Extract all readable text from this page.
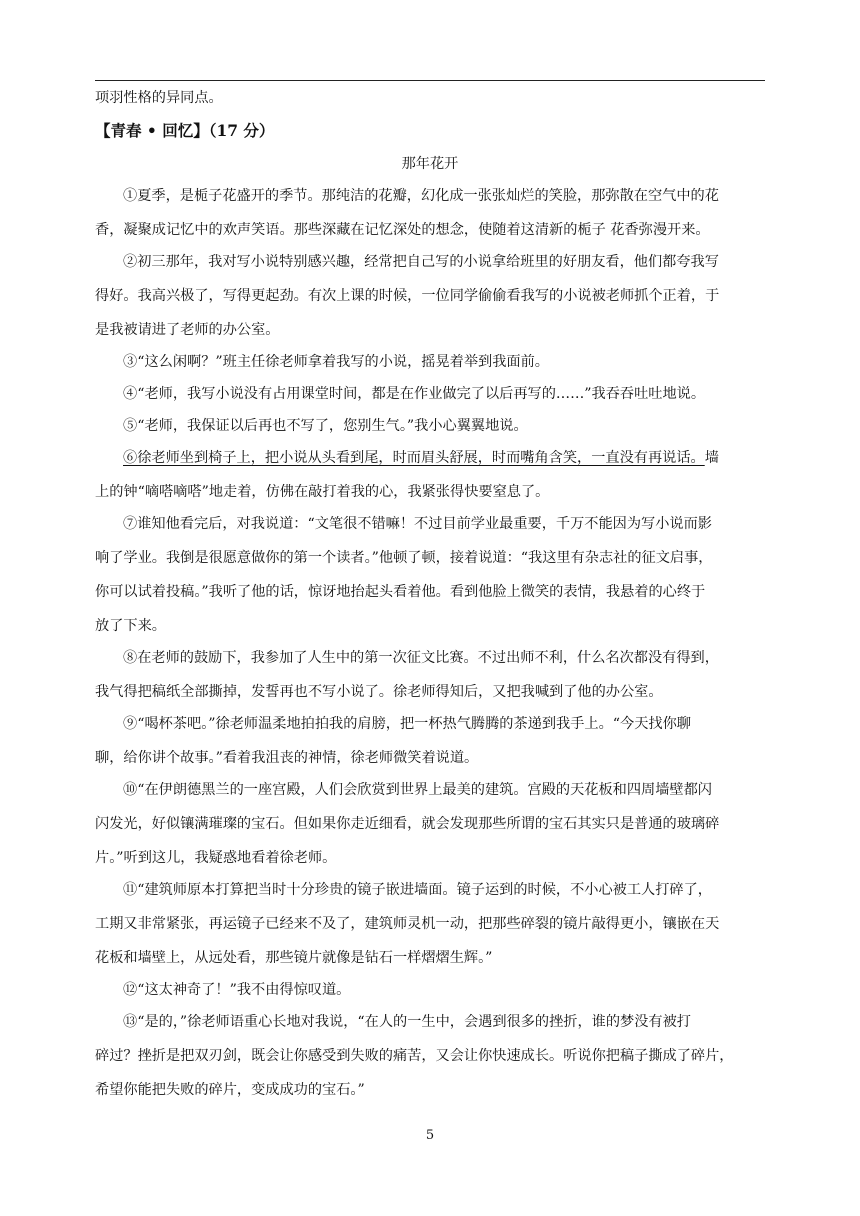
项羽性格的异同点。

【青春 • 回忆】（17 分）
那年花开

①夏季，是栀子花盛开的季节。那纯洁的花瓣，幻化成一张张灿烂的笑脸，那弥散在空气中的花

香，凝聚成记忆中的欢声笑语。那些深藏在记忆深处的想念，使随着这清新的栀子 花香弥漫开来。

②初三那年，我对写小说特别感兴趣，经常把自己写的小说拿给班里的好朋友看，他们都夸我写

得好。我高兴极了，写得更起劲。有次上课的时候，一位同学偷偷看我写的小说被老师抓个正着，于

是我被请进了老师的办公室。

③“这么闲啊？”班主任徐老师拿着我写的小说，摇晃着举到我面前。

④“老师，我写小说没有占用课堂时间，都是在作业做完了以后再写的……”我吞吞吐吐地说。

⑤“老师，我保证以后再也不写了，您别生气。”我小心翼翼地说。

⑥徐老师坐到椅子上，把小说从头看到尾，时而眉头舒展，时而嘴角含笑，一直没有再说话。墙

上的钟“嘀嗒嘀嗒”地走着，仿佛在敲打着我的心，我紧张得快要窒息了。

⑦谁知他看完后，对我说道：“文笔很不错嘛！不过目前学业最重要，千万不能因为写小说而影

响了学业。我倒是很愿意做你的第一个读者。”他顿了顿，接着说道：“我这里有杂志社的征文启事，

你可以试着投稿。”我听了他的话，惊讶地抬起头看着他。看到他脸上微笑的表情，我悬着的心终于

放了下来。

⑧在老师的鼓励下，我参加了人生中的第一次征文比赛。不过出师不利，什么名次都没有得到，

我气得把稿纸全部撕掉，发誓再也不写小说了。徐老师得知后，又把我喊到了他的办公室。

⑨“喝杯茶吧。”徐老师温柔地拍拍我的肩膀，把一杯热气腾腾的茶递到我手上。“今天找你聊

聊，给你讲个故事。”看着我沮丧的神情，徐老师微笑着说道。

⑩“在伊朗德黑兰的一座宫殿，人们会欣赏到世界上最美的建筑。宫殿的天花板和四周墙壁都闪

闪发光，好似镶满璀璨的宝石。但如果你走近细看，就会发现那些所谓的宝石其实只是普通的玻璃碎

片。”听到这儿，我疑惑地看着徐老师。

⑪“建筑师原本打算把当时十分珍贵的镜子嵌进墙面。镜子运到的时候，不小心被工人打碎了，

工期又非常紧张，再运镜子已经来不及了，建筑师灵机一动，把那些碎裂的镜片敲得更小，镶嵌在天

花板和墙壁上，从远处看，那些镜片就像是钻石一样熠熠生辉。”

⑫“这太神奇了！”我不由得惊叹道。

⑬“是的，”徐老师语重心长地对我说，“在人的一生中，会遇到很多的挫折，谁的梦没有被打

碎过？挫折是把双刃剑，既会让你感受到失败的痛苦，又会让你快速成长。听说你把稿子撕成了碎片，

希望你能把失败的碎片，变成成功的宝石。”

5
